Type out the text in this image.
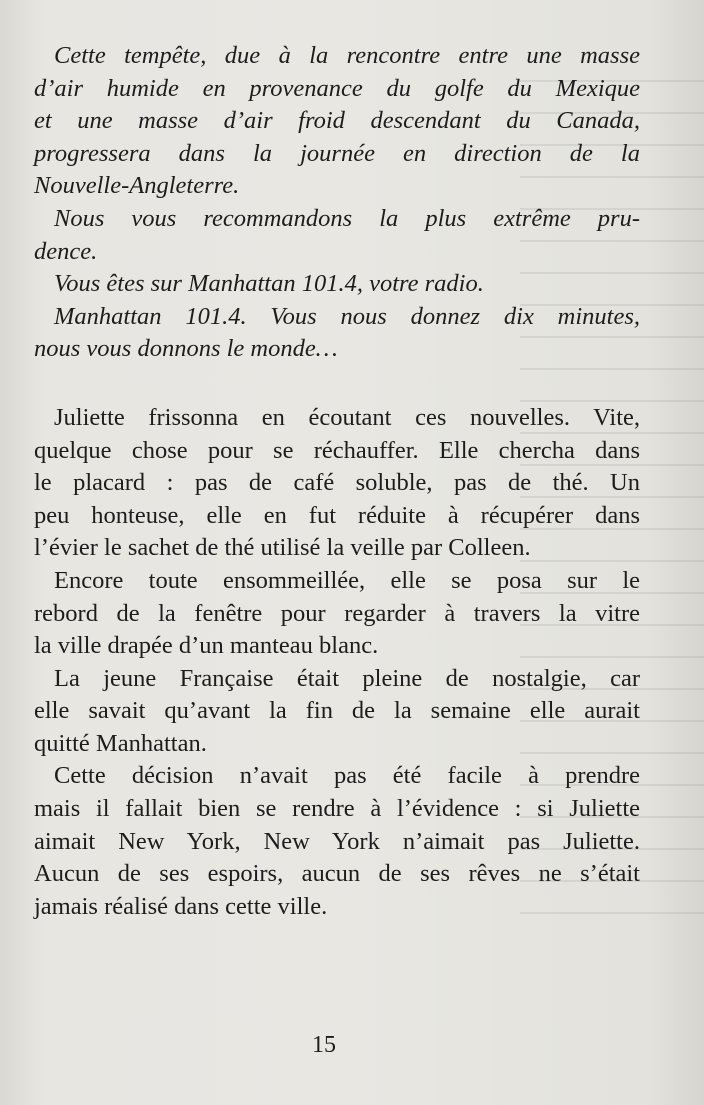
Cette tempête, due à la rencontre entre une masse
d’air humide en provenance du golfe du Mexique
et une masse d’air froid descendant du Canada,
progressera dans la journée en direction de la
Nouvelle-Angleterre.
Nous vous recommandons la plus extrême pru-
dence.
Vous êtes sur Manhattan 101.4, votre radio.
Manhattan 101.4. Vous nous donnez dix minutes,
nous vous donnons le monde…
Juliette frissonna en écoutant ces nouvelles. Vite,
quelque chose pour se réchauffer. Elle chercha dans
le placard : pas de café soluble, pas de thé. Un
peu honteuse, elle en fut réduite à récupérer dans
l’évier le sachet de thé utilisé la veille par Colleen.
Encore toute ensommeillée, elle se posa sur le
rebord de la fenêtre pour regarder à travers la vitre
la ville drapée d’un manteau blanc.
La jeune Française était pleine de nostalgie, car
elle savait qu’avant la fin de la semaine elle aurait
quitté Manhattan.
Cette décision n’avait pas été facile à prendre
mais il fallait bien se rendre à l’évidence : si Juliette
aimait New York, New York n’aimait pas Juliette.
Aucun de ses espoirs, aucun de ses rêves ne s’était
jamais réalisé dans cette ville.
15
